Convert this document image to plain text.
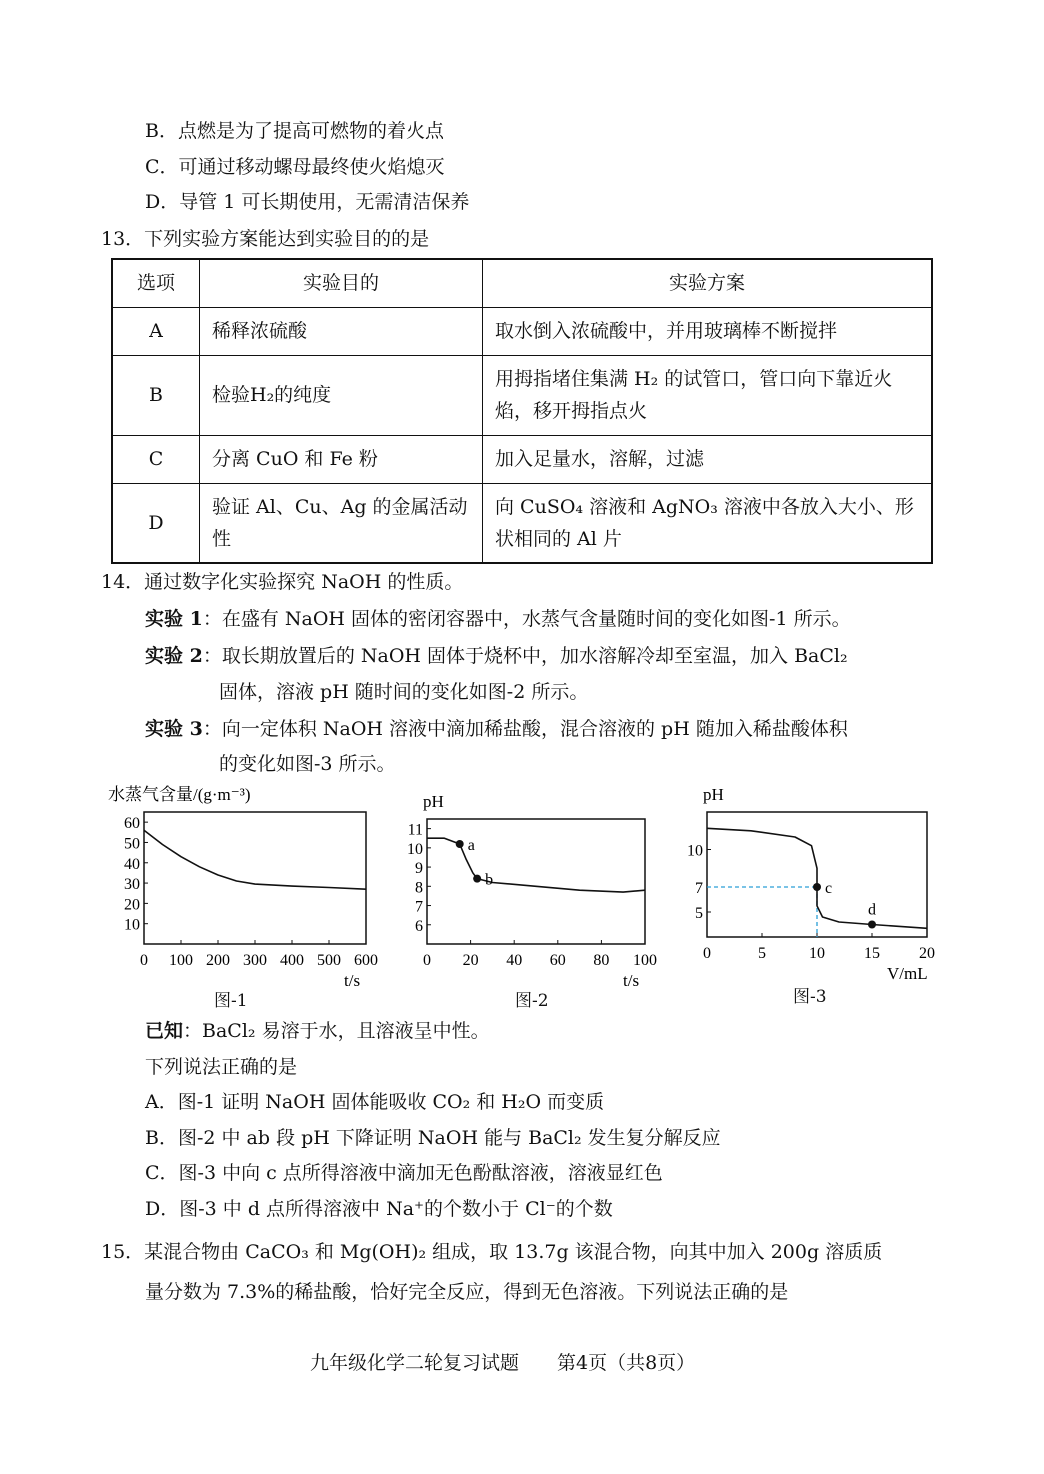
B．点燃是为了提高可燃物的着火点
C．可通过移动螺母最终使火焰熄灭
D．导管 1 可长期使用，无需清洁保养
13．下列实验方案能达到实验目的的是
选项	实验目的	实验方案
A	稀释浓硫酸	取水倒入浓硫酸中，并用玻璃棒不断搅拌
B	检验H₂的纯度	用拇指堵住集满 H₂ 的试管口，管口向下靠近火焰，移开拇指点火
C	分离 CuO 和 Fe 粉	加入足量水，溶解，过滤
D	验证 Al、Cu、Ag 的金属活动性	向 CuSO₄ 溶液和 AgNO₃ 溶液中各放入大小、形状相同的 Al 片
14．通过数字化实验探究 NaOH 的性质。
实验 1：在盛有 NaOH 固体的密闭容器中，水蒸气含量随时间的变化如图-1 所示。
实验 2：取长期放置后的 NaOH 固体于烧杯中，加水溶解冷却至室温，加入 BaCl₂
固体，溶液 pH 随时间的变化如图-2 所示。
实验 3：向一定体积 NaOH 溶液中滴加稀盐酸，混合溶液的 pH 随加入稀盐酸体积
的变化如图-3 所示。
0 100 200 300 400 500 600
10
20
30
40
50
60
水蒸气含量/(g·m⁻³)
t/s
0 20 40 60 80 100
6
7
8
9
10
11
pH
t/s
a
b
0	5	10 15 20
5
7
10
pH
V/mL
c
d
图-1	图-2	图-3
已知：BaCl₂ 易溶于水，且溶液呈中性。
下列说法正确的是
A．图-1 证明 NaOH 固体能吸收 CO₂ 和 H₂O 而变质
B．图-2 中 ab 段 pH 下降证明 NaOH 能与 BaCl₂ 发生复分解反应
C．图-3 中向 c 点所得溶液中滴加无色酚酞溶液，溶液显红色
D．图-3 中 d 点所得溶液中 Na⁺的个数小于 Cl⁻的个数
15．某混合物由 CaCO₃ 和 Mg(OH)₂ 组成，取 13.7g 该混合物，向其中加入 200g 溶质质
量分数为 7.3%的稀盐酸，恰好完全反应，得到无色溶液。下列说法正确的是
九年级化学二轮复习试题　　第4页（共8页）
